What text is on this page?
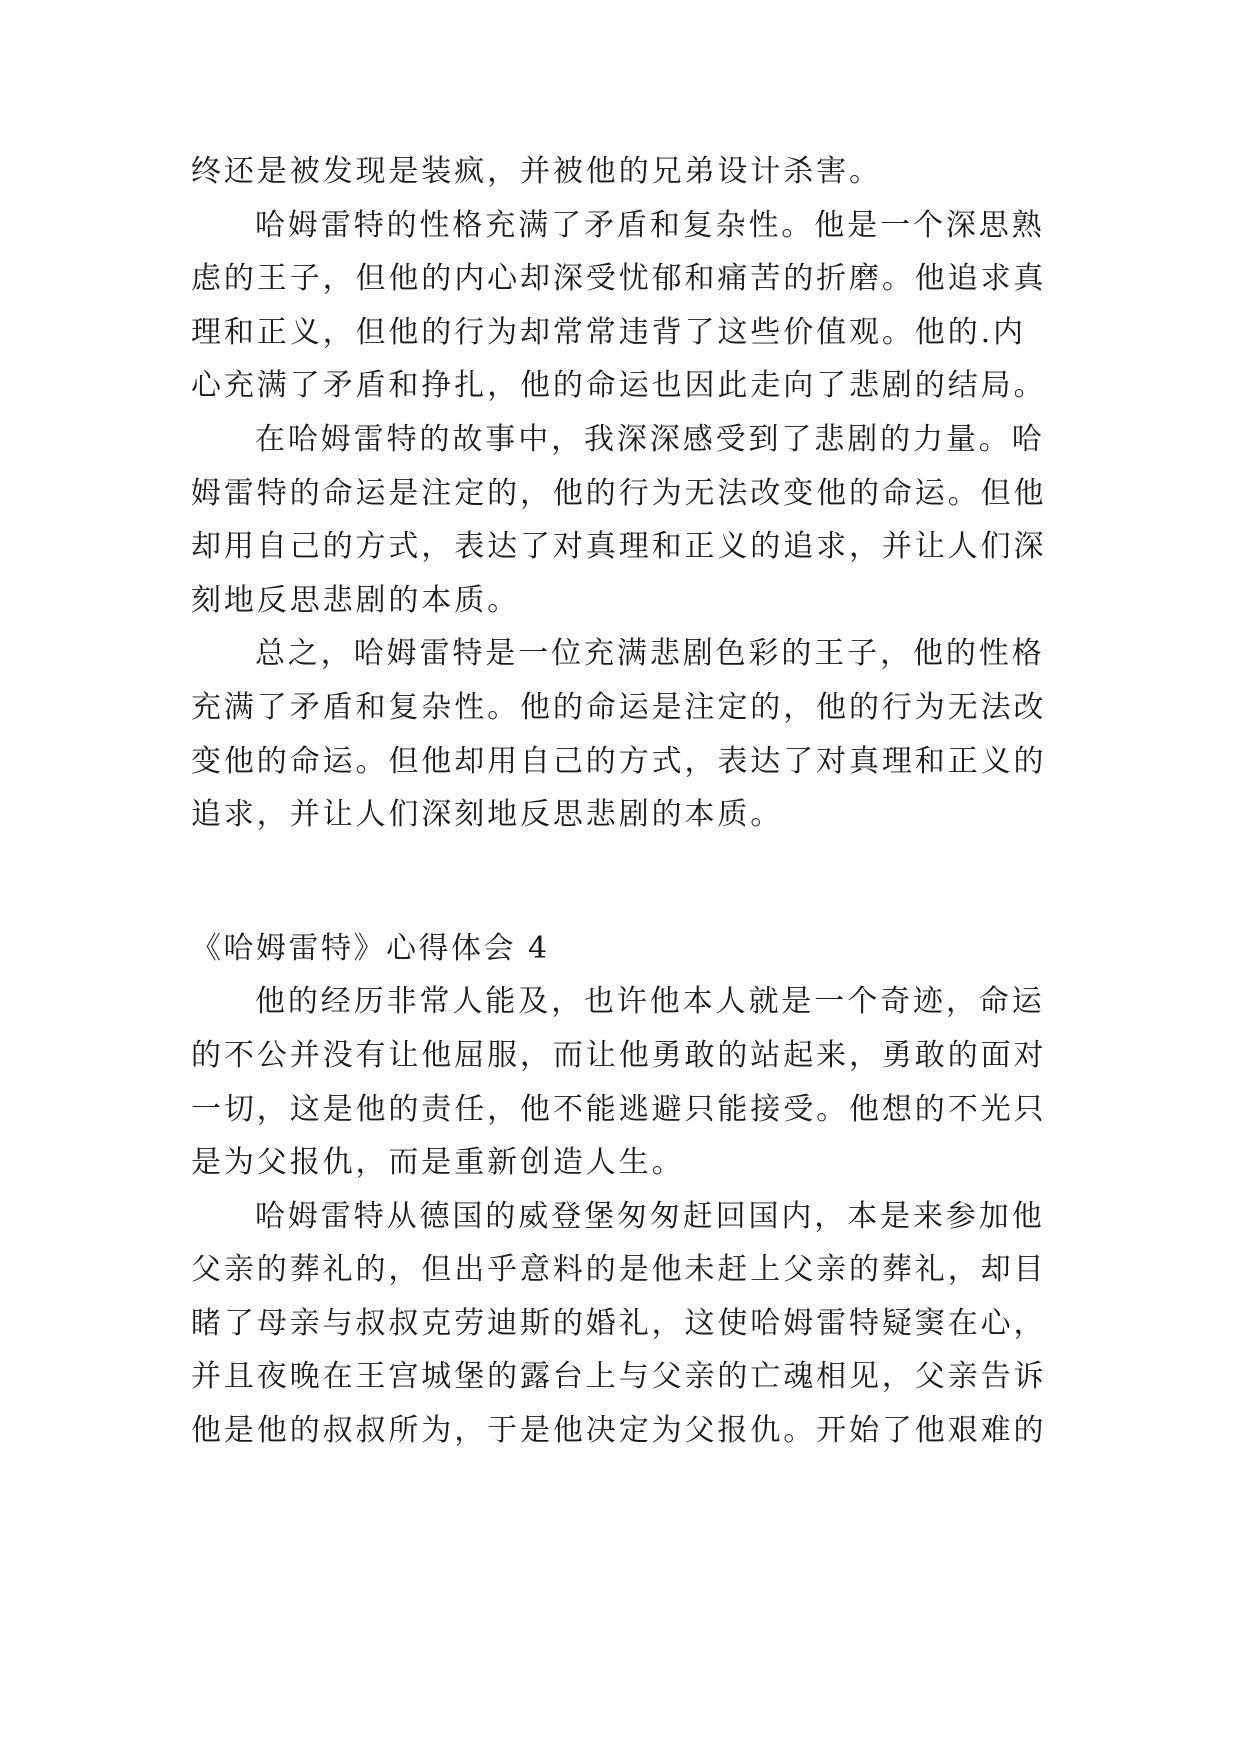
终还是被发现是装疯，并被他的兄弟设计杀害。
哈姆雷特的性格充满了矛盾和复杂性。他是一个深思熟
虑的王子，但他的内心却深受忧郁和痛苦的折磨。他追求真
理和正义，但他的行为却常常违背了这些价值观。他的.内
心充满了矛盾和挣扎，他的命运也因此走向了悲剧的结局。
在哈姆雷特的故事中，我深深感受到了悲剧的力量。哈
姆雷特的命运是注定的，他的行为无法改变他的命运。但他
却用自己的方式，表达了对真理和正义的追求，并让人们深
刻地反思悲剧的本质。
总之，哈姆雷特是一位充满悲剧色彩的王子，他的性格
充满了矛盾和复杂性。他的命运是注定的，他的行为无法改
变他的命运。但他却用自己的方式，表达了对真理和正义的
追求，并让人们深刻地反思悲剧的本质。
《哈姆雷特》心得体会 4
他的经历非常人能及，也许他本人就是一个奇迹，命运
的不公并没有让他屈服，而让他勇敢的站起来，勇敢的面对
一切，这是他的责任，他不能逃避只能接受。他想的不光只
是为父报仇，而是重新创造人生。
哈姆雷特从德国的威登堡匆匆赶回国内，本是来参加他
父亲的葬礼的，但出乎意料的是他未赶上父亲的葬礼，却目
睹了母亲与叔叔克劳迪斯的婚礼，这使哈姆雷特疑窦在心，
并且夜晚在王宫城堡的露台上与父亲的亡魂相见，父亲告诉
他是他的叔叔所为，于是他决定为父报仇。开始了他艰难的
